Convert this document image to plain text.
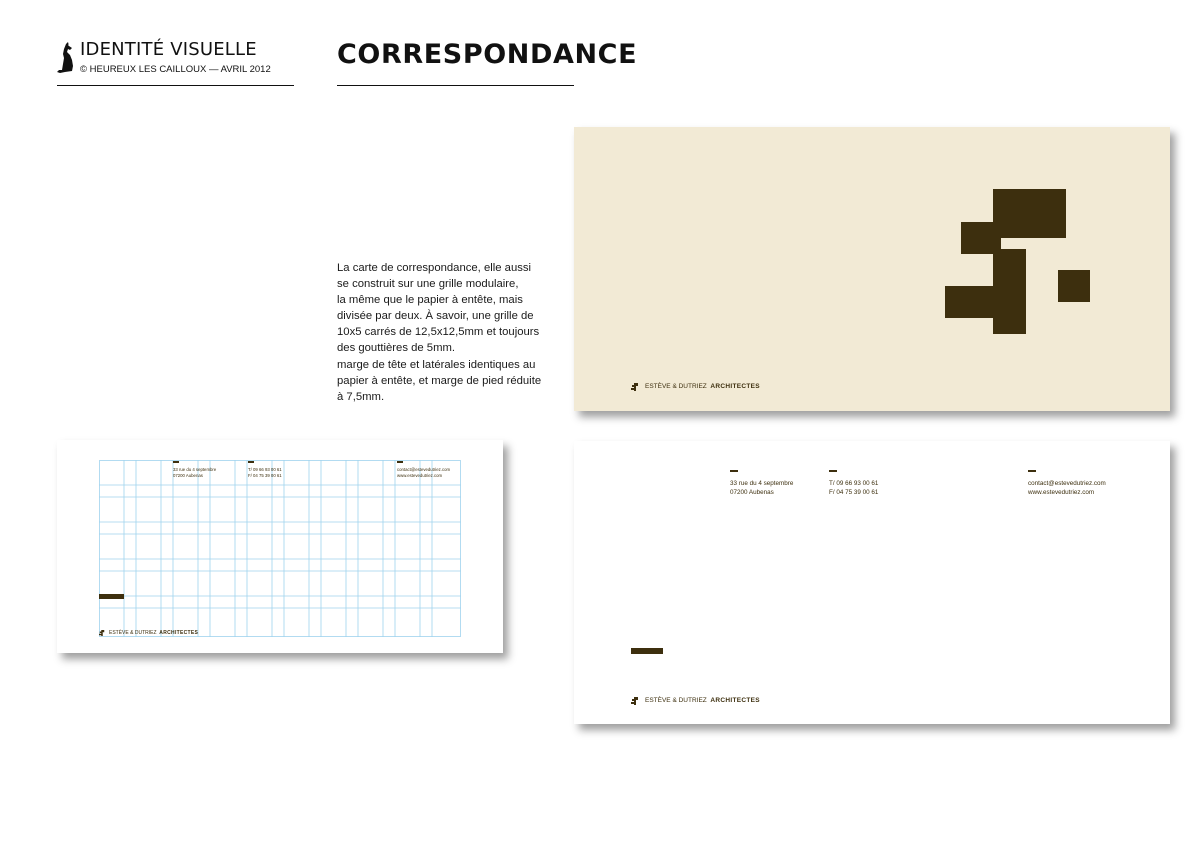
IDENTITÉ VISUELLE
© HEUREUX LES CAILLOUX — AVRIL 2012 CORRESPONDANCE

La carte de correspondance, elle aussi

se construit sur une grille modulaire,

la même que le papier à entête, mais

divisée par deux. À savoir, une grille de

10x5 carrés de 12,5x12,5mm et toujours

des gouttières de 5mm.

marge de tête et latérales identiques au

papier à entête, et marge de pied réduite

à 7,5mm.

ESTÈVE & DUTRIEZ ARCHITECTES
33 rue du 4 septembre
07200 Aubenas
T/ 09 66 93 00 61
F/ 04 75 39 00 61
contact@estevedutriez.com
www.estevedutriez.com
ESTÈVE & DUTRIEZ ARCHITECTES
33 rue du 4 septembre
07200 Aubenas
T/ 09 66 93 00 61
F/ 04 75 39 00 61
contact@estevedutriez.com
www.estevedutriez.com
ESTÈVE & DUTRIEZ ARCHITECTES
